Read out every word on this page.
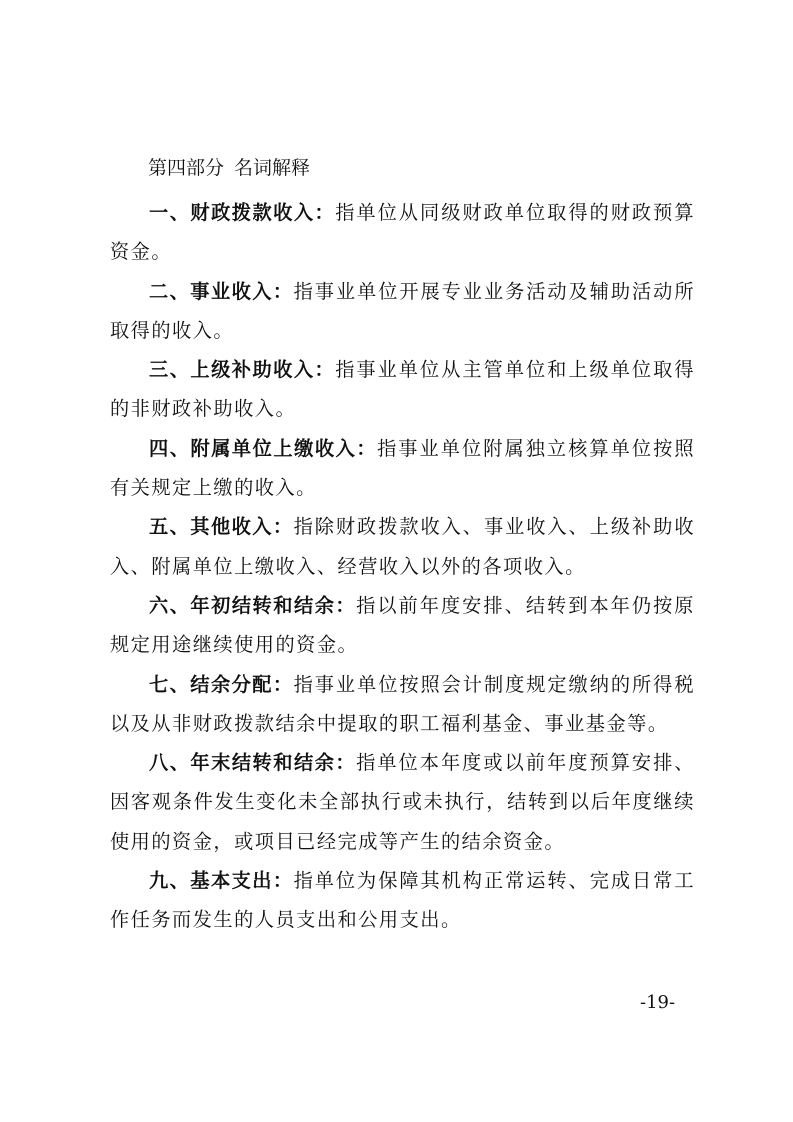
第四部分 名词解释

一、财政拨款收入：指单位从同级财政单位取得的财政预算资金。

二、事业收入：指事业单位开展专业业务活动及辅助活动所取得的收入。

三、上级补助收入：指事业单位从主管单位和上级单位取得的非财政补助收入。

四、附属单位上缴收入：指事业单位附属独立核算单位按照有关规定上缴的收入。

五、其他收入：指除财政拨款收入、事业收入、上级补助收入、附属单位上缴收入、经营收入以外的各项收入。

六、年初结转和结余：指以前年度安排、结转到本年仍按原规定用途继续使用的资金。

七、结余分配：指事业单位按照会计制度规定缴纳的所得税以及从非财政拨款结余中提取的职工福利基金、事业基金等。

八、年末结转和结余：指单位本年度或以前年度预算安排、因客观条件发生变化未全部执行或未执行，结转到以后年度继续使用的资金，或项目已经完成等产生的结余资金。

九、基本支出：指单位为保障其机构正常运转、完成日常工作任务而发生的人员支出和公用支出。

-19-
